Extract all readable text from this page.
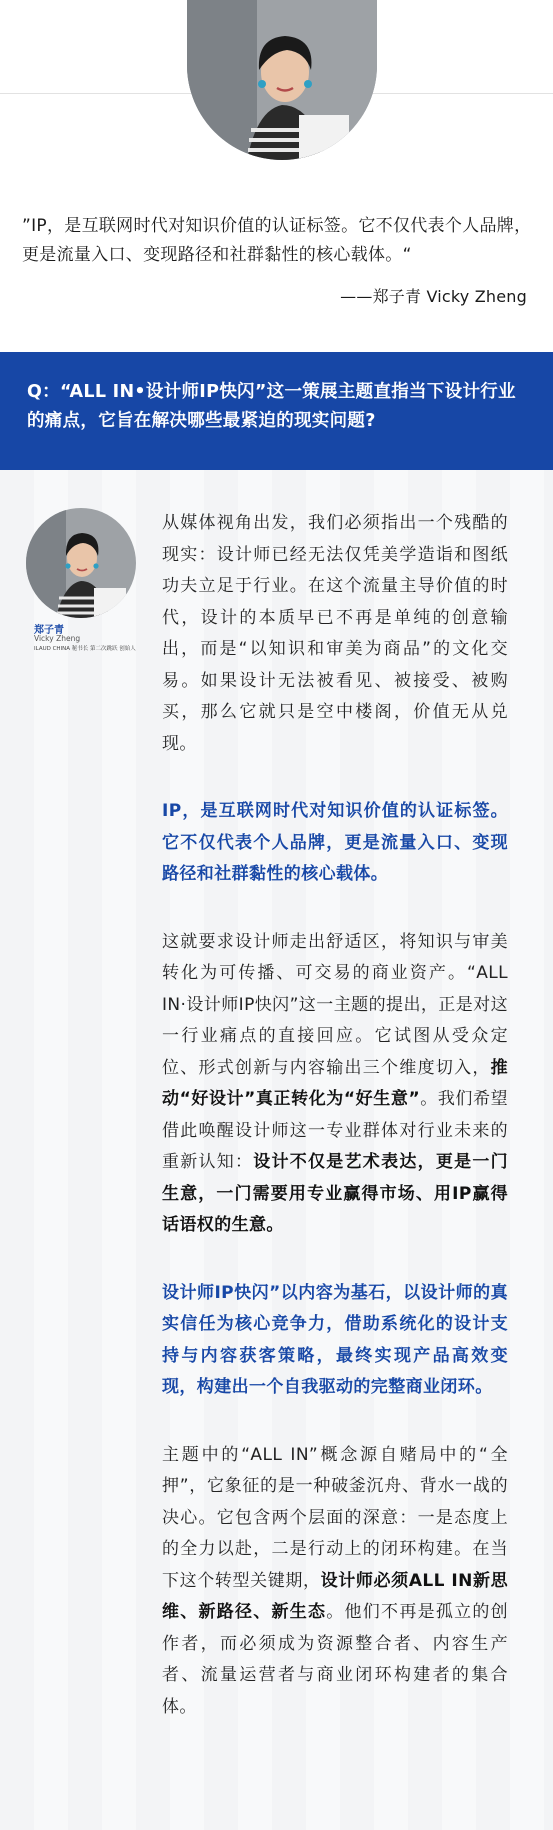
”IP，是互联网时代对知识价值的认证标签。它不仅代表个人品牌，更是流量入口、变现路径和社群黏性的核心载体。“
——郑子青 Vicky Zheng
Q：“ALL IN•设计师IP快闪”这一策展主题直指当下设计行业的痛点，它旨在解决哪些最紧迫的现实问题?
郑子青
Vicky Zheng
ILAUD CHINA 秘书长 第二次跳跃 创始人

从媒体视角出发，我们必须指出一个残酷的现实：设计师已经无法仅凭美学造诣和图纸功夫立足于行业。在这个流量主导价值的时代，设计的本质早已不再是单纯的创意输出，而是“以知识和审美为商品”的文化交易。如果设计无法被看见、被接受、被购买，那么它就只是空中楼阁，价值无从兑现。

IP，是互联网时代对知识价值的认证标签。它不仅代表个人品牌，更是流量入口、变现路径和社群黏性的核心载体。

这就要求设计师走出舒适区，将知识与审美转化为可传播、可交易的商业资产。“ALL IN·设计师IP快闪”这一主题的提出，正是对这一行业痛点的直接回应。它试图从受众定位、形式创新与内容输出三个维度切入，推动“好设计”真正转化为“好生意”。我们希望借此唤醒设计师这一专业群体对行业未来的重新认知：设计不仅是艺术表达，更是一门生意，一门需要用专业赢得市场、用IP赢得话语权的生意。

设计师IP快闪”以内容为基石，以设计师的真实信任为核心竞争力，借助系统化的设计支持与内容获客策略，最终实现产品高效变现，构建出一个自我驱动的完整商业闭环。

主题中的“ALL IN”概念源自赌局中的“全押”，它象征的是一种破釜沉舟、背水一战的决心。它包含两个层面的深意：一是态度上的全力以赴，二是行动上的闭环构建。在当下这个转型关键期，设计师必须ALL IN新思维、新路径、新生态。他们不再是孤立的创作者，而必须成为资源整合者、内容生产者、流量运营者与商业闭环构建者的集合体。
